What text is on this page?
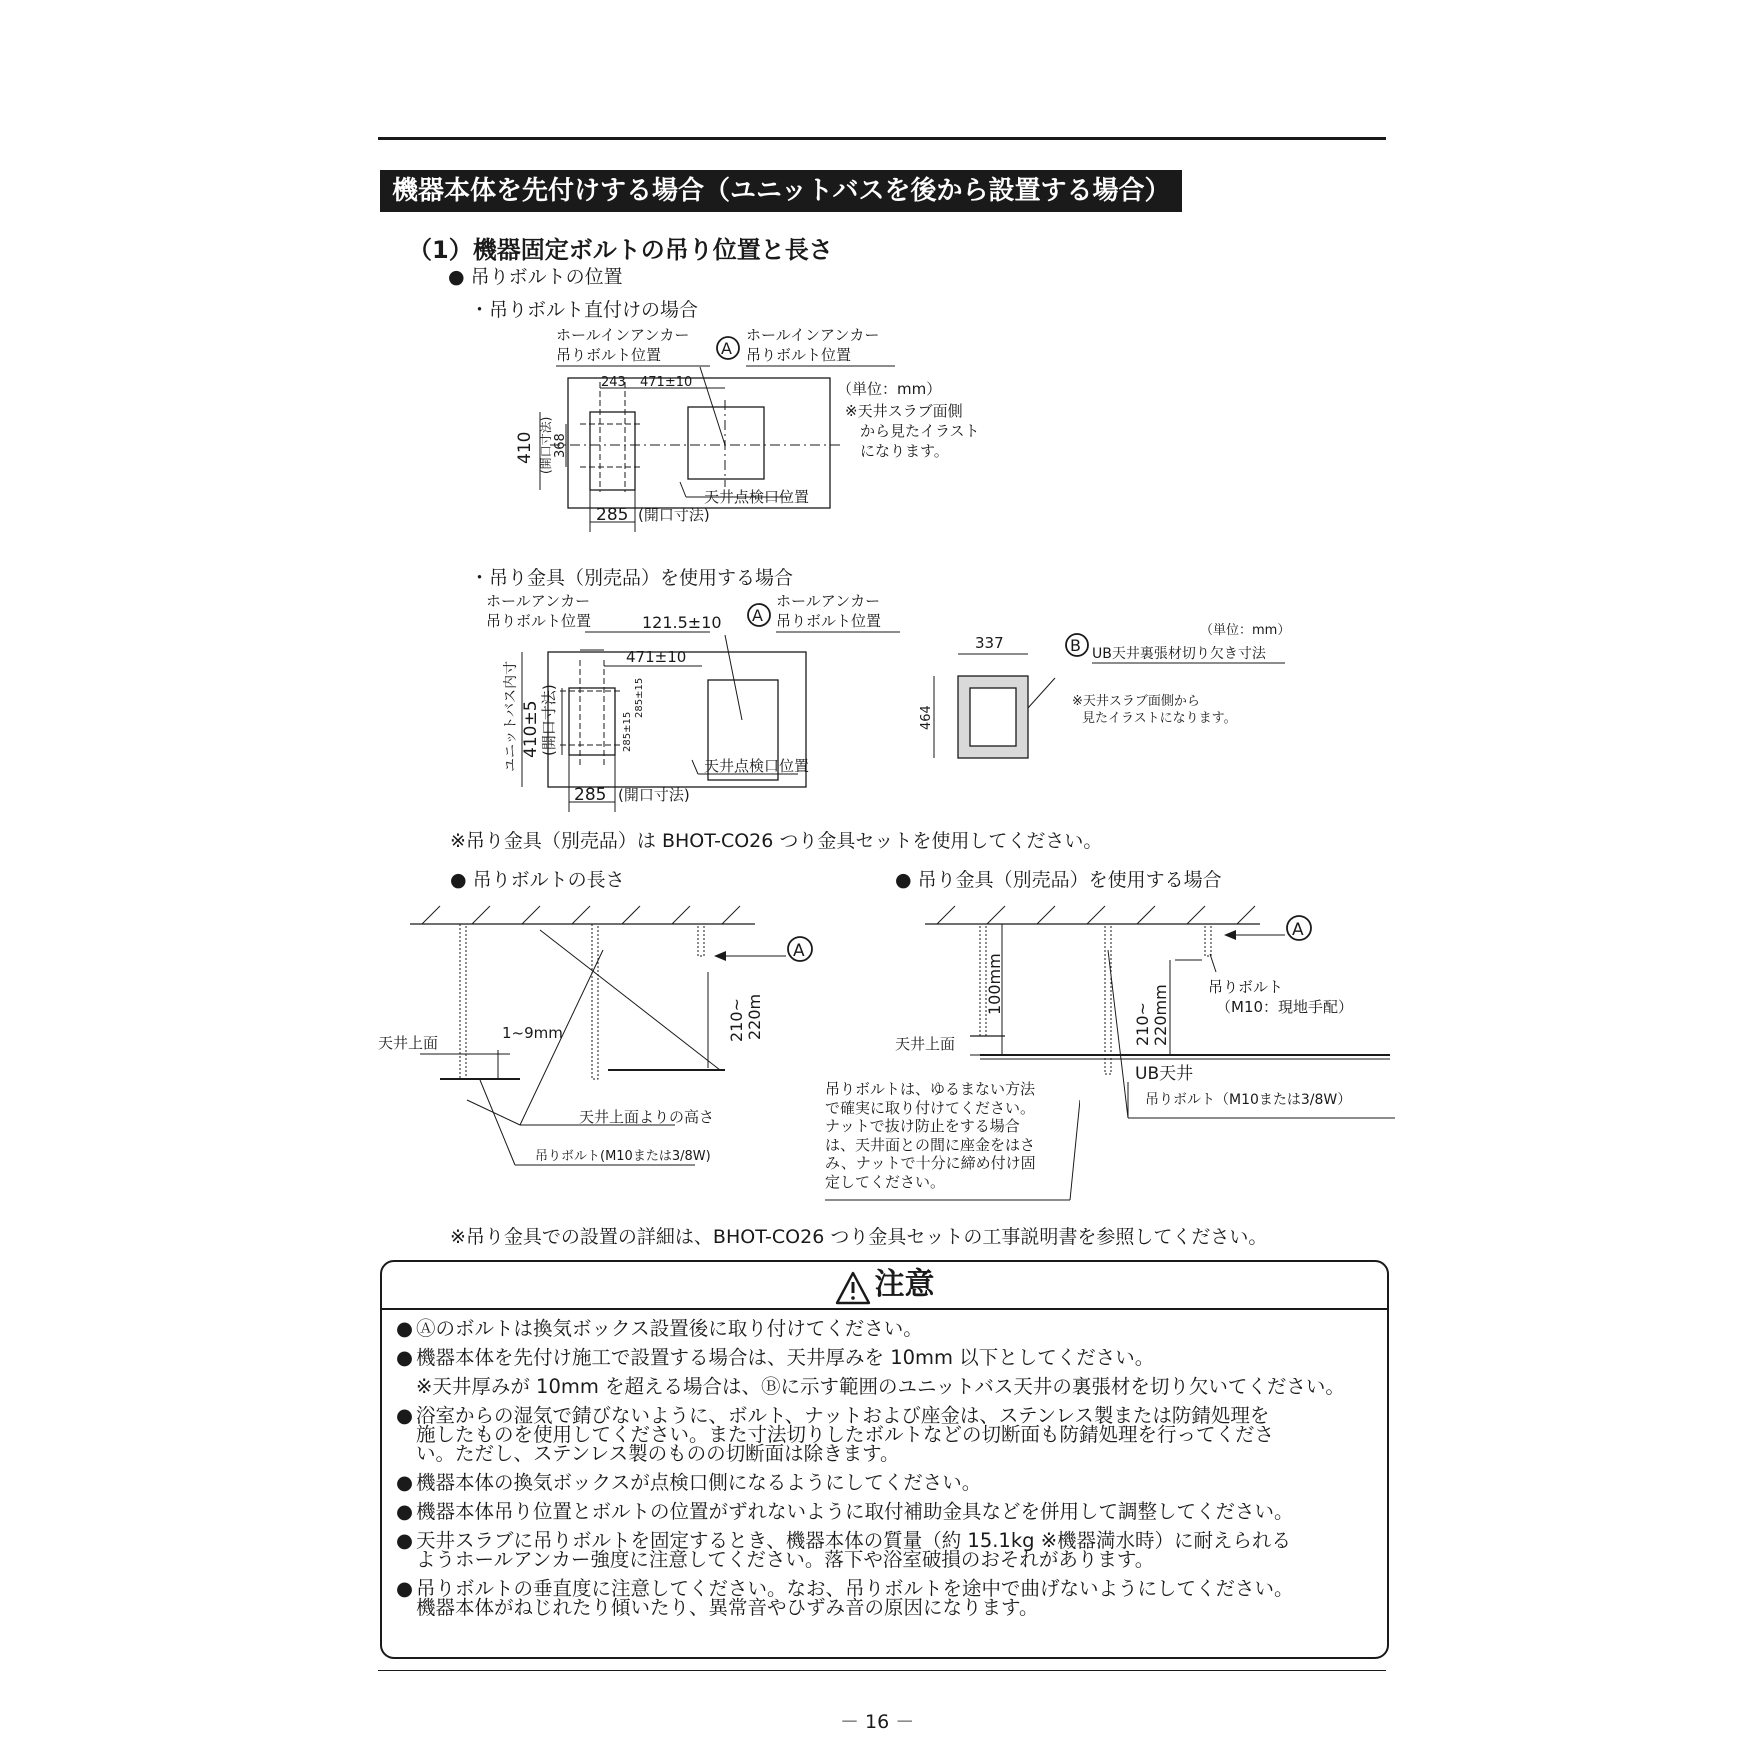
機器本体を先付けする場合（ユニットバスを後から設置する場合）
（1）機器固定ボルトの吊り位置と長さ
● 吊りボルトの位置
・吊りボルト直付けの場合
ホールインアンカー
吊りボルト位置	A
ホールインアンカー
吊りボルト位置
243 471±10
410 (開口寸法) 368
285 (開口寸法)
天井点検口位置
（単位：mm）
※天井スラブ面側
から見たイラスト
になります。
・吊り金具（別売品）を使用する場合
ホールアンカー
吊りボルト位置	121.5±10 A
ホールアンカー
吊りボルト位置
471±10
ユニットバス内寸 410±5 (開口寸法)	285±15
285±15
285 (開口寸法)
天井点検口位置
（単位：mm）
337	B UB天井裏張材切り欠き寸法
464
※天井スラブ面側から
見たイラストになります。
※吊り金具（別売品）は BHOT-CO26 つり金具セットを使用してください。
● 吊りボルトの長さ	● 吊り金具（別売品）を使用する場合
天井上面
1~9mm
A
210~ 220m
天井上面よりの高さ
吊りボルト(M10または3/8W)
吊りボルトは、ゆるまない方法
で確実に取り付けてください。
ナットで抜け防止をする場合
は、天井面との間に座金をはさ
み、ナットで十分に締め付け固
定してください。
100mm
天井上面	210~ 220mm
A
吊りボルト
（M10：現地手配）
UB天井
吊りボルト（M10または3/8W）
※吊り金具での設置の詳細は、BHOT-CO26 つり金具セットの工事説明書を参照してください。
注意
● Ⓐのボルトは換気ボックス設置後に取り付けてください。
● 機器本体を先付け施工で設置する場合は、天井厚みを 10mm 以下としてください。
※天井厚みが 10mm を超える場合は、Ⓑに示す範囲のユニットバス天井の裏張材を切り欠いてください。
● 浴室からの湿気で錆びないように、ボルト、ナットおよび座金は、ステンレス製または防錆処理を
施したものを使用してください。また寸法切りしたボルトなどの切断面も防錆処理を行ってくださ
い。ただし、ステンレス製のものの切断面は除きます。
● 機器本体の換気ボックスが点検口側になるようにしてください。
● 機器本体吊り位置とボルトの位置がずれないように取付補助金具などを併用して調整してください。
● 天井スラブに吊りボルトを固定するとき、機器本体の質量（約 15.1kg ※機器満水時）に耐えられる
ようホールアンカー強度に注意してください。落下や浴室破損のおそれがあります。
● 吊りボルトの垂直度に注意してください。なお、吊りボルトを途中で曲げないようにしてください。
機器本体がねじれたり傾いたり、異常音やひずみ音の原因になります。
－ 16 －
